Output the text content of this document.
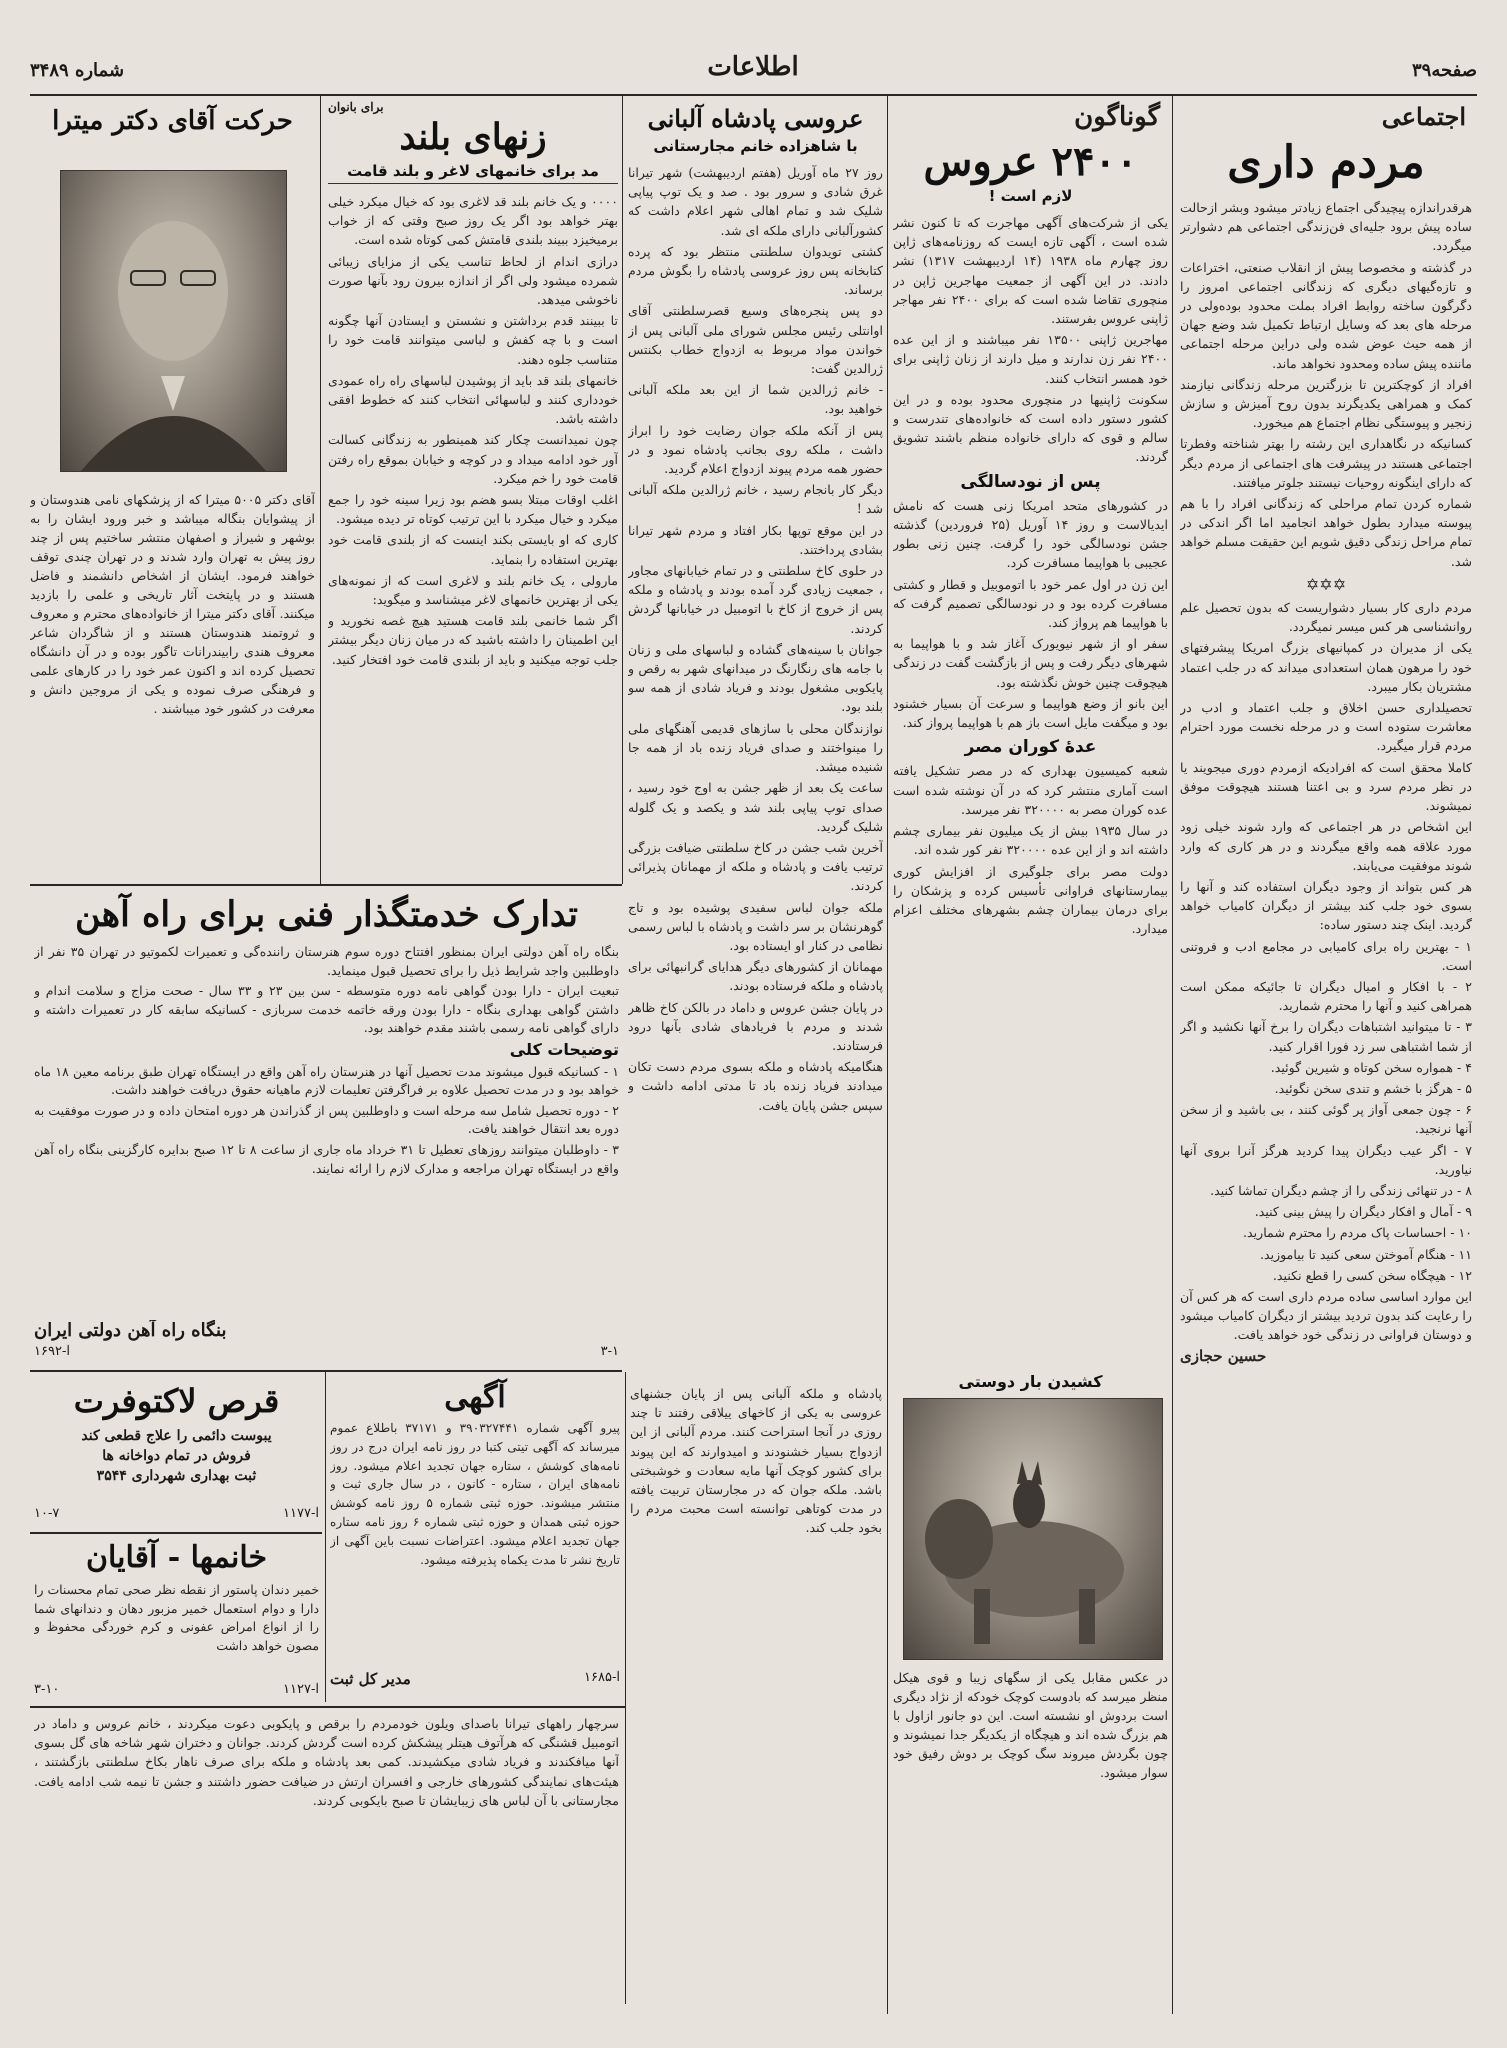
صفحه۳۹
اطلاعات
شماره ۳۴۸۹
اجتماعی
مردم داری

هرقدراندازه پیچیدگی اجتماع زیادتر میشود وبشر ازحالت ساده پیش برود جلیه‌ای فن‌زندگی اجتماعی هم دشوارتر میگردد.

در گذشته و مخصوصا پیش از انقلاب صنعتی، اختراعات و تازه‌گیهای دیگری که زندگانی اجتماعی امروز را دگرگون ساخته روابط افراد بملت محدود بوده‌ولی در مرحله های بعد که وسایل ارتباط تکمیل شد وضع جهان از همه حیث عوض شده ولی دراین مرحله اجتماعی ماننده پیش ساده ومحدود نخواهد ماند.

افراد از کوچکترین تا بزرگترین مرحله زندگانی نیازمند کمک و همراهی یکدیگرند بدون روح آمیزش و سازش زنجیر و پیوستگی نظام اجتماع هم میخورد.

کسانیکه در نگاهداری این رشته را بهتر شناخته وفطرتا اجتماعی هستند در پیشرفت های اجتماعی از مردم دیگر که دارای اینگونه روحیات نیستند جلوتر میافتند.

شماره کردن تمام مراحلی که زندگانی افراد را با هم پیوسته میدارد بطول خواهد انجامید اما اگر اندکی در تمام مراحل زندگی دقیق شویم این حقیقت مسلم خواهد شد.

✡✡✡

مردم داری کار بسیار دشواریست که بدون تحصیل علم روانشناسی هر کس میسر نمیگردد.

یکی از مدیران در کمپانیهای بزرگ امریکا پیشرفتهای خود را مرهون همان استعدادی میداند که در جلب اعتماد مشتریان بکار میبرد.

تحصیلداری حسن اخلاق و جلب اعتماد و ادب در معاشرت ستوده است و در مرحله نخست مورد احترام مردم قرار میگیرد.

کاملا محقق است که افرادیکه ازمردم دوری میجویند یا در نظر مردم سرد و بی اعتنا هستند هیچوقت موفق نمیشوند.

این اشخاص در هر اجتماعی که وارد شوند خیلی زود مورد علاقه همه واقع میگردند و در هر کاری که وارد شوند موفقیت می‌یابند.

هر کس بتواند از وجود دیگران استفاده کند و آنها را بسوی خود جلب کند بیشتر از دیگران کامیاب خواهد گردید. اینک چند دستور ساده:

۱ - بهترین راه برای کامیابی در مجامع ادب و فروتنی است.

۲ - با افکار و امیال دیگران تا جائیکه ممکن است همراهی کنید و آنها را محترم شمارید.

۳ - تا میتوانید اشتباهات دیگران را برخ آنها نکشید و اگر از شما اشتباهی سر زد فورا اقرار کنید.

۴ - همواره سخن کوتاه و شیرین گوئید.

۵ - هرگز با خشم و تندی سخن نگوئید.

۶ - چون جمعی آواز پر گوئی کنند ، بی باشید و از سخن آنها نرنجید.

۷ - اگر عیب دیگران پیدا کردید هرگز آنرا بروی آنها نیاورید.

۸ - در تنهائی زندگی را از چشم دیگران تماشا کنید.

۹ - آمال و افکار دیگران را پیش بینی کنید.

۱۰ - احساسات پاک مردم را محترم شمارید.

۱۱ - هنگام آموختن سعی کنید تا بیاموزید.

۱۲ - هیچگاه سخن کسی را قطع نکنید.

این موارد اساسی ساده مردم داری است که هر کس آن را رعایت کند بدون تردید بیشتر از دیگران کامیاب میشود و دوستان فراوانی در زندگی خود خواهد یافت.

حسین حجازی

گوناگون
۲۴۰۰ عروس
لازم است !

یکی از شرکت‌های آگهی مهاجرت که تا کنون نشر شده است ، آگهی تازه ایست که روزنامه‌های ژاپن روز چهارم ماه ۱۹۳۸ (۱۴ اردیبهشت ۱۳۱۷) نشر دادند. در این آگهی از جمعیت مهاجرین ژاپن در منچوری تقاضا شده است که برای ۲۴۰۰ نفر مهاجر ژاپنی عروس بفرستند.

مهاجرین ژاپنی ۱۳۵۰۰ نفر میباشند و از این عده ۲۴۰۰ نفر زن ندارند و میل دارند از زنان ژاپنی برای خود همسر انتخاب کنند.

سکونت ژاپنیها در منچوری محدود بوده و در این کشور دستور داده است که خانواده‌های تندرست و سالم و قوی که دارای خانواده منظم باشند تشویق گردند.

پس از نودسالگی

در کشورهای متحد امریکا زنی هست که نامش ایدیالاست و روز ۱۴ آوریل (۲۵ فروردین) گذشته جشن نودسالگی خود را گرفت. چنین زنی بطور عجیبی با هواپیما مسافرت کرد.

این زن در اول عمر خود با اتوموبیل و قطار و کشتی مسافرت کرده بود و در نودسالگی تصمیم گرفت که با هواپیما هم پرواز کند.

سفر او از شهر نیویورک آغاز شد و با هواپیما به شهرهای دیگر رفت و پس از بازگشت گفت در زندگی هیچوقت چنین خوش نگذشته بود.

این بانو از وضع هواپیما و سرعت آن بسیار خشنود بود و میگفت مایل است باز هم با هواپیما پرواز کند.

عدهٔ کوران مصر

شعبه کمیسیون بهداری که در مصر تشکیل یافته است آماری منتشر کرد که در آن نوشته شده است عده کوران مصر به ۳۲۰۰۰۰ نفر میرسد.

در سال ۱۹۳۵ بیش از یک میلیون نفر بیماری چشم داشته اند و از این عده ۳۲۰۰۰۰ نفر کور شده اند.

دولت مصر برای جلوگیری از افزایش کوری بیمارستانهای فراوانی تأسیس کرده و پزشکان را برای درمان بیماران چشم بشهرهای مختلف اعزام میدارد.

کشیدن بار دوستی
در عکس مقابل یکی از سگهای زیبا و قوی هیکل منظر میرسد که بادوست کوچک خودکه از نژاد دیگری است بردوش او نشسته است. این دو جانور ازاول با هم بزرگ شده اند و هیچگاه از یکدیگر جدا نمیشوند و چون بگردش میروند سگ کوچک بر دوش رفیق خود سوار میشود.
عروسی پادشاه آلبانی
با شاهزاده خانم مجارستانی

روز ۲۷ ماه آوریل (هفتم اردیبهشت) شهر تیرانا غرق شادی و سرور بود . صد و یک توپ پیاپی شلیک شد و تمام اهالی شهر اعلام داشت که کشورآلبانی دارای ملکه ای شد.

کشتی تویدوان سلطنتی منتظر بود که پرده کتابخانه پس روز عروسی پادشاه را بگوش مردم برساند.

دو پس پنجره‌های وسیع قصرسلطنتی آقای اوانتلی رئیس مجلس شورای ملی آلبانی پس از خواندن مواد مربوط به ازدواج خطاب بکنتس ژرالدین گفت:

- خانم ژرالدین شما از این بعد ملکه آلبانی خواهید بود.

پس از آنکه ملکه جوان رضایت خود را ابراز داشت ، ملکه روی بجانب پادشاه نمود و در حضور همه مردم پیوند ازدواج اعلام گردید.

دیگر کار بانجام رسید ، خانم ژرالدین ملکه آلبانی شد !

در این موقع توپها بکار افتاد و مردم شهر تیرانا بشادی پرداختند.

در حلوی کاخ سلطنتی و در تمام خیابانهای مجاور ، جمعیت زیادی گرد آمده بودند و پادشاه و ملکه پس از خروج از کاخ با اتومبیل در خیابانها گردش کردند.

جوانان با سینه‌های گشاده و لباسهای ملی و زنان با جامه های رنگارنگ در میدانهای شهر به رقص و پایکوبی مشغول بودند و فریاد شادی از همه سو بلند بود.

نوازندگان محلی با سازهای قدیمی آهنگهای ملی را مینواختند و صدای فریاد زنده باد از همه جا شنیده میشد.

ساعت یک بعد از ظهر جشن به اوج خود رسید ، صدای توپ پیاپی بلند شد و یکصد و یک گلوله شلیک گردید.

آخرین شب جشن در کاخ سلطنتی ضیافت بزرگی ترتیب یافت و پادشاه و ملکه از مهمانان پذیرائی کردند.

ملکه جوان لباس سفیدی پوشیده بود و تاج گوهرنشان بر سر داشت و پادشاه با لباس رسمی نظامی در کنار او ایستاده بود.

مهمانان از کشورهای دیگر هدایای گرانبهائی برای پادشاه و ملکه فرستاده بودند.

در پایان جشن عروس و داماد در بالکن کاخ ظاهر شدند و مردم با فریادهای شادی بآنها درود فرستادند.

هنگامیکه پادشاه و ملکه بسوی مردم دست تکان میدادند فریاد زنده باد تا مدتی ادامه داشت و سپس جشن پایان یافت.

پادشاه و ملکه آلبانی پس از پایان جشنهای عروسی به یکی از کاخهای ییلاقی رفتند تا چند روزی در آنجا استراحت کنند. مردم آلبانی از این ازدواج بسیار خشنودند و امیدوارند که این پیوند برای کشور کوچک آنها مایه سعادت و خوشبختی باشد. ملکه جوان که در مجارستان تربیت یافته در مدت کوتاهی توانسته است محبت مردم را بخود جلب کند.
برای بانوان
زنهای بلند
مد برای خانمهای لاغر و بلند قامت

۰۰۰۰ و یک خانم بلند قد لاغری بود که خیال میکرد خیلی بهتر خواهد بود اگر یک روز صبح وقتی که از خواب برمیخیزد ببیند بلندی قامتش کمی کوتاه شده است.

درازی اندام از لحاظ تناسب یکی از مزایای زیبائی شمرده میشود ولی اگر از اندازه بیرون رود بآنها صورت ناخوشی میدهد.

تا ببینند قدم برداشتن و نشستن و ایستادن آنها چگونه است و با چه کفش و لباسی میتوانند قامت خود را متناسب جلوه دهند.

خانمهای بلند قد باید از پوشیدن لباسهای راه راه عمودی خودداری کنند و لباسهائی انتخاب کنند که خطوط افقی داشته باشد.

چون نمیدانست چکار کند همینطور به زندگانی کسالت آور خود ادامه میداد و در کوچه و خیابان بموقع راه رفتن قامت خود را خم میکرد.

اغلب اوقات مبتلا بسو هضم بود زیرا سینه خود را جمع میکرد و خیال میکرد با این ترتیب کوتاه تر دیده میشود.

کاری که او بایستی بکند اینست که از بلندی قامت خود بهترین استفاده را بنماید.

مارولی ، یک خانم بلند و لاغری است که از نمونه‌های یکی از بهترین خانمهای لاغر میشناسد و میگوید:

اگر شما خانمی بلند قامت هستید هیچ غصه نخورید و این اطمینان را داشته باشید که در میان زنان دیگر بیشتر جلب توجه میکنید و باید از بلندی قامت خود افتخار کنید.

حرکت آقای دکتر میترا
آقای دکتر ۵۰۰۵ میترا که از پزشکهای نامی هندوستان و از پیشوایان بنگاله میباشد و خبر ورود ایشان را به بوشهر و شیراز و اصفهان منتشر ساختیم پس از چند روز پیش به تهران وارد شدند و در تهران چندی توقف خواهند فرمود. ایشان از اشخاص دانشمند و فاضل هستند و در پایتخت آثار تاریخی و علمی را بازدید میکنند. آقای دکتر میترا از خانواده‌های محترم و معروف و ثروتمند هندوستان هستند و از شاگردان شاعر معروف هندی رابیندرانات تاگور بوده و در آن دانشگاه تحصیل کرده اند و اکنون عمر خود را در کارهای علمی و فرهنگی صرف نموده و یکی از مروجین دانش و معرفت در کشور خود میباشند .
تدارک خدمتگذار فنی برای راه آهن

بنگاه راه آهن دولتی ایران بمنظور افتتاح دوره سوم هنرستان راننده‌گی و تعمیرات لکموتیو در تهران ۳۵ نفر از داوطلبین واجد شرایط ذیل را برای تحصیل قبول مینماید.

تبعیت ایران - دارا بودن گواهی نامه دوره متوسطه - سن بین ۲۳ و ۳۳ سال - صحت مزاج و سلامت اندام و داشتن گواهی بهداری بنگاه - دارا بودن ورقه خاتمه خدمت سربازی - کسانیکه سابقه کار در تعمیرات داشته و دارای گواهی نامه رسمی باشند مقدم خواهند بود.

توضیحات کلی

۱ - کسانیکه قبول میشوند مدت تحصیل آنها در هنرستان راه آهن واقع در ایستگاه تهران طبق برنامه معین ۱۸ ماه خواهد بود و در مدت تحصیل علاوه بر فراگرفتن تعلیمات لازم ماهیانه حقوق دریافت خواهند داشت.

۲ - دوره تحصیل شامل سه مرحله است و داوطلبین پس از گذراندن هر دوره امتحان داده و در صورت موفقیت به دوره بعد انتقال خواهند یافت.

۳ - داوطلبان میتوانند روزهای تعطیل تا ۳۱ خرداد ماه جاری از ساعت ۸ تا ۱۲ صبح بدایره کارگزینی بنگاه راه آهن واقع در ایستگاه تهران مراجعه و مدارک لازم را ارائه نمایند.

بنگاه راه آهن دولتی ایران
آ-۱۶۹۲	۳-۱
آگهی
پیرو آگهی شماره ۳۹۰۳۲۷۴۴۱ و ۳۷۱۷۱ باطلاع عموم میرساند که آگهی تیتی کتبا در روز نامه ایران درج در روز نامه‌های کوشش ، ستاره جهان تجدید اعلام میشود. روز نامه‌های ایران ، ستاره - کانون ، در سال جاری ثبت و منتشر میشوند. حوزه ثبتی شماره ۵ روز نامه کوشش حوزه ثبتی همدان و حوزه ثبتی شماره ۶ روز نامه ستاره جهان تجدید اعلام میشود. اعتراضات نسبت باین آگهی از تاریخ نشر تا مدت یکماه پذیرفته میشود.
آ-۱۶۸۵
مدیر کل ثبت
قرص لاکتوفرت
یبوست دائمی را علاج قطعی کند
فروش در تمام دواخانه ها
ثبت بهداری شهرداری ۳۵۴۴
آ-۱۱۷۷
۱۰-۷
خانمها - آقایان
خمیر دندان پاستور از نقطه نظر صحی تمام محسنات را دارا و دوام استعمال خمیر مزبور دهان و دندانهای شما را از انواع امراض عفونی و کرم خوردگی محفوظ و مصون خواهد داشت
آ-۱۱۲۷
۳-۱۰
سرچهار راههای تیرانا باصدای ویلون خودمردم را برقص و پایکوبی دعوت میکردند ، خانم عروس و داماد در اتومبیل قشنگی که هرآتوف هیتلر پیشکش کرده است گردش کردند. جوانان و دختران شهر شاخه های گل بسوی آنها میافکندند و فریاد شادی میکشیدند. کمی بعد پادشاه و ملکه برای صرف ناهار بکاخ سلطنتی بازگشتند ، هیئت‌های نمایندگی کشورهای خارجی و افسران ارتش در ضیافت حضور داشتند و جشن تا نیمه شب ادامه یافت. مجارستانی با آن لباس های زیبایشان تا صبح بایکوبی کردند.
